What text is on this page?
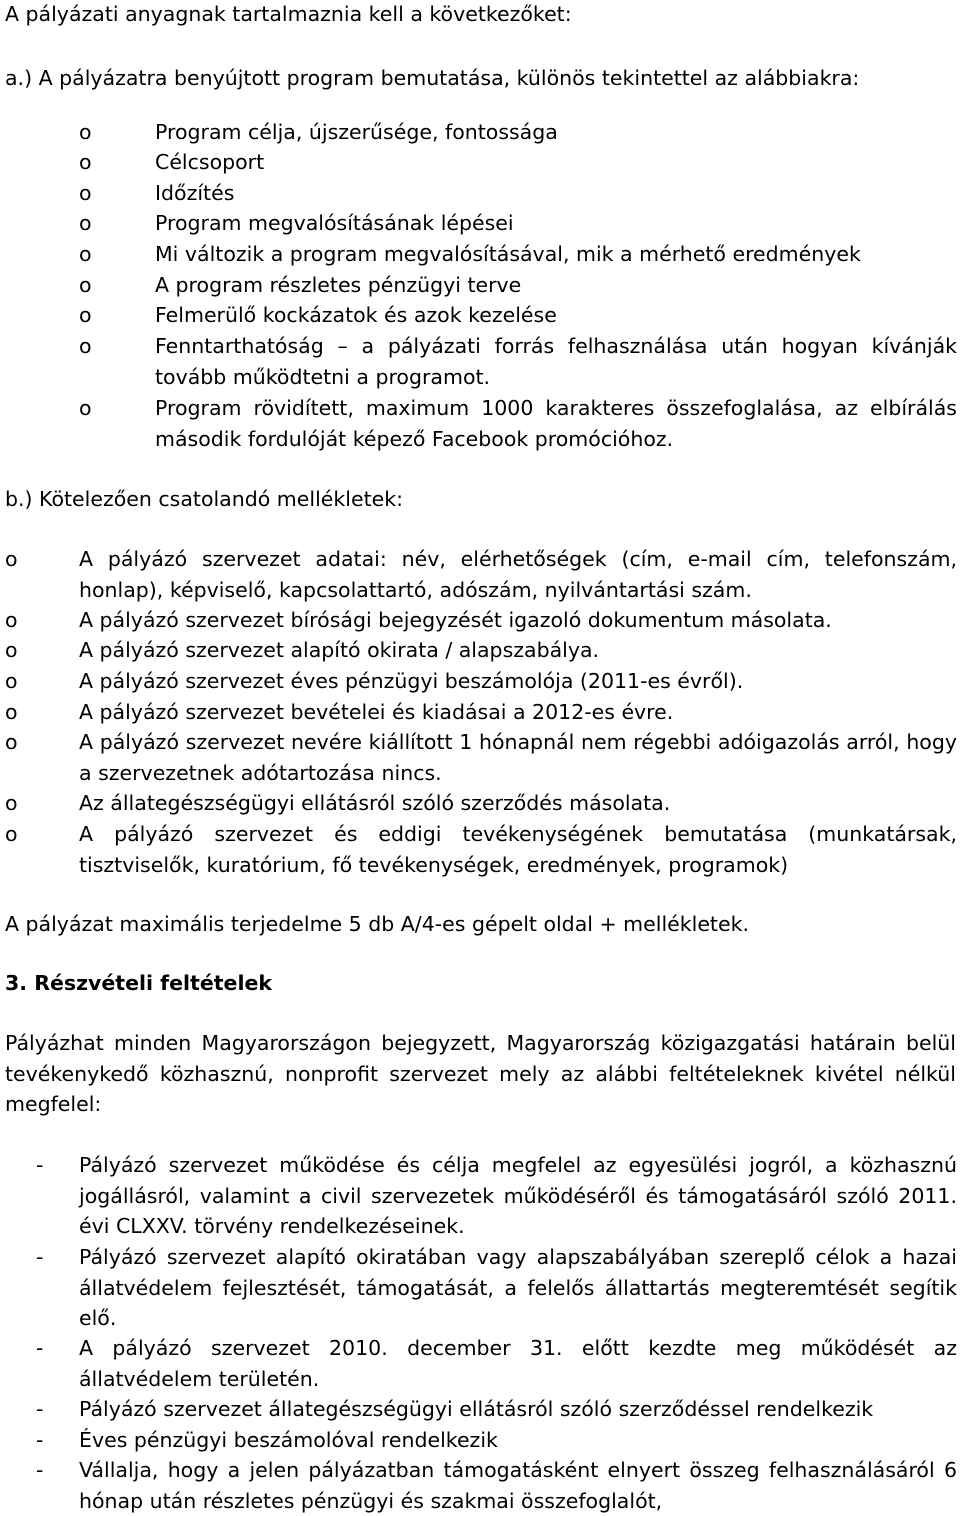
A pályázati anyagnak tartalmaznia kell a következőket:
a.) A pályázatra benyújtott program bemutatása, különös tekintettel az alábbiakra:
o	Program célja, újszerűsége, fontossága
o	Célcsoport
o	Időzítés
o	Program megvalósításának lépései
o	Mi változik a program megvalósításával, mik a mérhető eredmények
o	A program részletes pénzügyi terve
o	Felmerülő kockázatok és azok kezelése
o	Fenntarthatóság – a pályázati forrás felhasználása után hogyan kívánják tovább működtetni a programot.
o	Program rövidített, maximum 1000 karakteres összefoglalása, az elbírálás második fordulóját képező Facebook promócióhoz.
b.) Kötelezően csatolandó mellékletek:
o	A pályázó szervezet adatai: név, elérhetőségek (cím, e-mail cím, telefonszám, honlap), képviselő, kapcsolattartó, adószám, nyilvántartási szám.
o	A pályázó szervezet bírósági bejegyzését igazoló dokumentum másolata.
o	A pályázó szervezet alapító okirata / alapszabálya.
o	A pályázó szervezet éves pénzügyi beszámolója (2011-es évről).
o	A pályázó szervezet bevételei és kiadásai a 2012-es évre.
o	A pályázó szervezet nevére kiállított 1 hónapnál nem régebbi adóigazolás arról, hogy a szervezetnek adótartozása nincs.
o	Az állategészségügyi ellátásról szóló szerződés másolata.
o	A pályázó szervezet és eddigi tevékenységének bemutatása (munkatársak, tisztviselők, kuratórium, fő tevékenységek, eredmények, programok)
A pályázat maximális terjedelme 5 db A/4-es gépelt oldal + mellékletek.
3. Részvételi feltételek
Pályázhat minden Magyarországon bejegyzett, Magyarország közigazgatási határain belül tevékenykedő közhasznú, nonprofit szervezet mely az alábbi feltételeknek kivétel nélkül megfelel:
- Pályázó szervezet működése és célja megfelel az egyesülési jogról, a közhasznú jogállásról, valamint a civil szervezetek működéséről és támogatásáról szóló 2011. évi CLXXV. törvény rendelkezéseinek.
- Pályázó szervezet alapító okiratában vagy alapszabályában szereplő célok a hazai állatvédelem fejlesztését, támogatását, a felelős állattartás megteremtését segítik elő.
- A pályázó szervezet 2010. december 31. előtt kezdte meg működését az állatvédelem területén.
- Pályázó szervezet állategészségügyi ellátásról szóló szerződéssel rendelkezik
- Éves pénzügyi beszámolóval rendelkezik
- Vállalja, hogy a jelen pályázatban támogatásként elnyert összeg felhasználásáról 6 hónap után részletes pénzügyi és szakmai összefoglalót,
